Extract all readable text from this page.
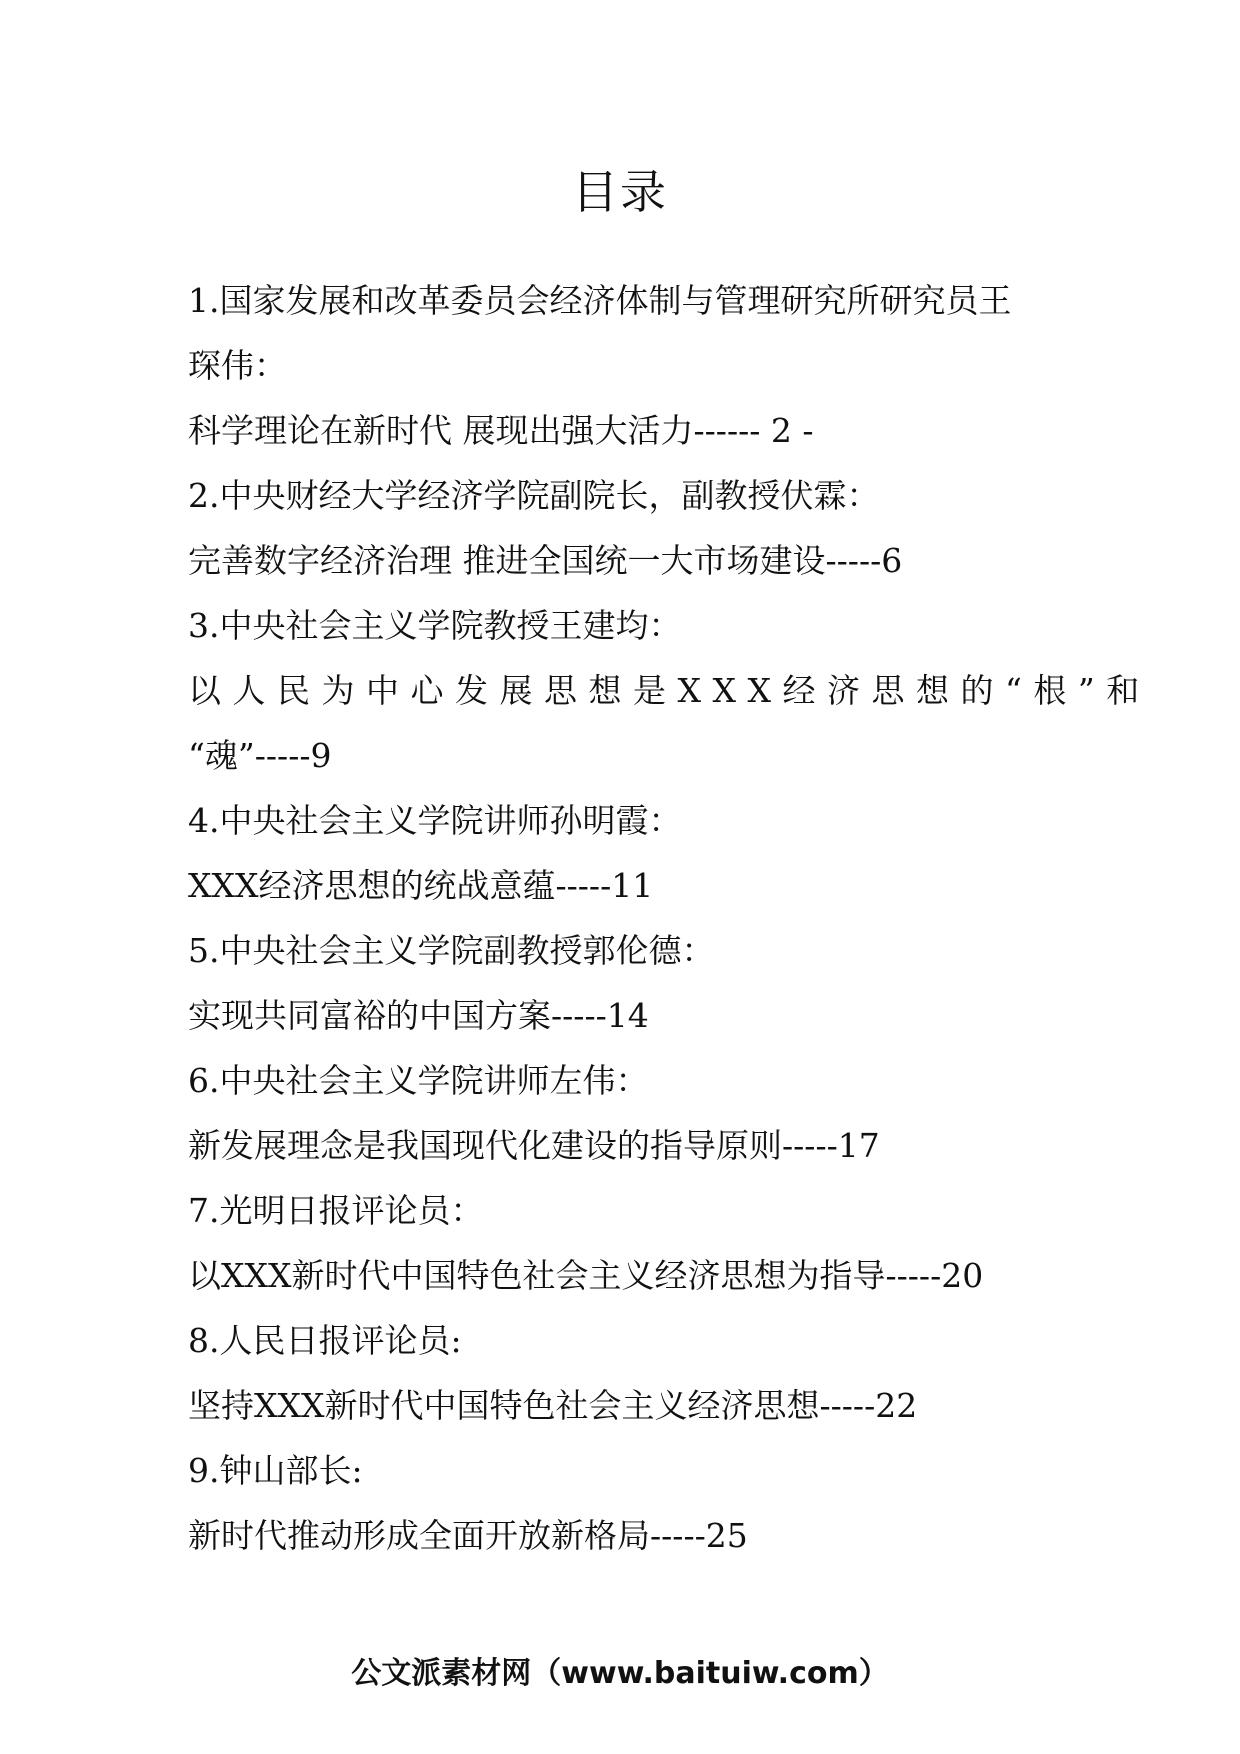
目录
1.国家发展和改革委员会经济体制与管理研究所研究员王
琛伟：
科学理论在新时代 展现出强大活力------ 2 -
2.中央财经大学经济学院副院长，副教授伏霖：
完善数字经济治理 推进全国统一大市场建设-----6
3.中央社会主义学院教授王建均：
以人民为中心发展思想是XXX经济思想的“根”和
“魂”-----9
4.中央社会主义学院讲师孙明霞：
XXX经济思想的统战意蕴-----11
5.中央社会主义学院副教授郭伦德：
实现共同富裕的中国方案-----14
6.中央社会主义学院讲师左伟：
新发展理念是我国现代化建设的指导原则-----17
7.光明日报评论员：
以XXX新时代中国特色社会主义经济思想为指导-----20
8.人民日报评论员:
坚持XXX新时代中国特色社会主义经济思想-----22
9.钟山部长:
新时代推动形成全面开放新格局-----25
公文派素材网（www.baituiw.com）
